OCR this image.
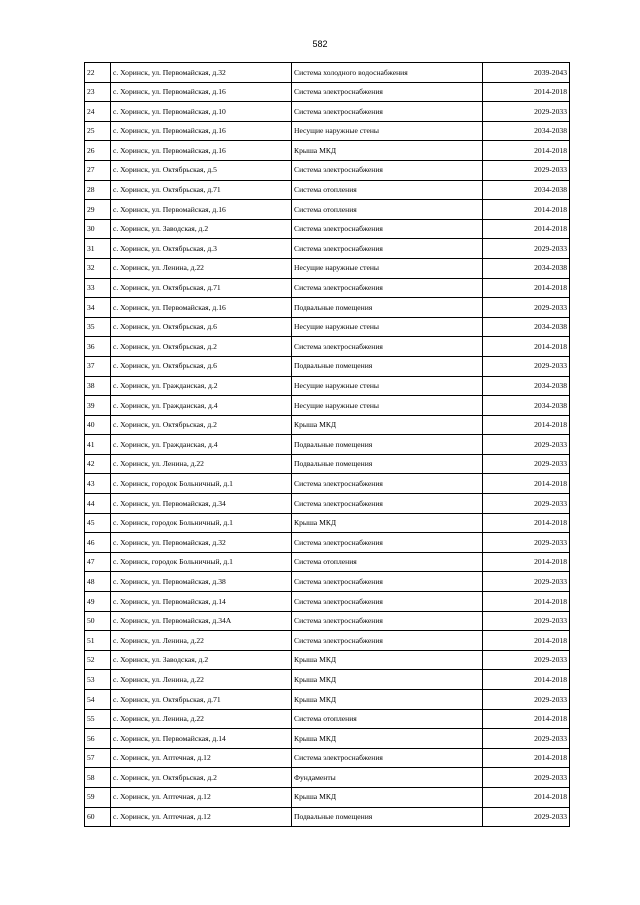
582
22	с. Хоринск, ул. Первомайская, д.32	Система холодного водоснабжения	2039-2043
23	с. Хоринск, ул. Первомайская, д.16	Система электроснабжения	2014-2018
24	с. Хоринск, ул. Первомайская, д.10	Система электроснабжения	2029-2033
25	с. Хоринск, ул. Первомайская, д.16	Несущие наружные стены	2034-2038
26	с. Хоринск, ул. Первомайская, д.16	Крыша МКД	2014-2018
27	с. Хоринск, ул. Октябрьская, д.5	Система электроснабжения	2029-2033
28	с. Хоринск, ул. Октябрьская, д.71	Система отопления	2034-2038
29	с. Хоринск, ул. Первомайская, д.16	Система отопления	2014-2018
30	с. Хоринск, ул. Заводская, д.2	Система электроснабжения	2014-2018
31	с. Хоринск, ул. Октябрьская, д.3	Система электроснабжения	2029-2033
32	с. Хоринск, ул. Ленина, д.22	Несущие наружные стены	2034-2038
33	с. Хоринск, ул. Октябрьская, д.71	Система электроснабжения	2014-2018
34	с. Хоринск, ул. Первомайская, д.16	Подвальные помещения	2029-2033
35	с. Хоринск, ул. Октябрьская, д.6	Несущие наружные стены	2034-2038
36	с. Хоринск, ул. Октябрьская, д.2	Система электроснабжения	2014-2018
37	с. Хоринск, ул. Октябрьская, д.6	Подвальные помещения	2029-2033
38	с. Хоринск, ул. Гражданская, д.2	Несущие наружные стены	2034-2038
39	с. Хоринск, ул. Гражданская, д.4	Несущие наружные стены	2034-2038
40	с. Хоринск, ул. Октябрьская, д.2	Крыша МКД	2014-2018
41	с. Хоринск, ул. Гражданская, д.4	Подвальные помещения	2029-2033
42	с. Хоринск, ул. Ленина, д.22	Подвальные помещения	2029-2033
43	с. Хоринск, городок Больничный, д.1	Система электроснабжения	2014-2018
44	с. Хоринск, ул. Первомайская, д.34	Система электроснабжения	2029-2033
45	с. Хоринск, городок Больничный, д.1	Крыша МКД	2014-2018
46	с. Хоринск, ул. Первомайская, д.32	Система электроснабжения	2029-2033
47	с. Хоринск, городок Больничный, д.1	Система отопления	2014-2018
48	с. Хоринск, ул. Первомайская, д.38	Система электроснабжения	2029-2033
49	с. Хоринск, ул. Первомайская, д.14	Система электроснабжения	2014-2018
50	с. Хоринск, ул. Первомайская, д.34А	Система электроснабжения	2029-2033
51	с. Хоринск, ул. Ленина, д.22	Система электроснабжения	2014-2018
52	с. Хоринск, ул. Заводская, д.2	Крыша МКД	2029-2033
53	с. Хоринск, ул. Ленина, д.22	Крыша МКД	2014-2018
54	с. Хоринск, ул. Октябрьская, д.71	Крыша МКД	2029-2033
55	с. Хоринск, ул. Ленина, д.22	Система отопления	2014-2018
56	с. Хоринск, ул. Первомайская, д.14	Крыша МКД	2029-2033
57	с. Хоринск, ул. Аптечная, д.12	Система электроснабжения	2014-2018
58	с. Хоринск, ул. Октябрьская, д.2	Фундаменты	2029-2033
59	с. Хоринск, ул. Аптечная, д.12	Крыша МКД	2014-2018
60	с. Хоринск, ул. Аптечная, д.12	Подвальные помещения	2029-2033
